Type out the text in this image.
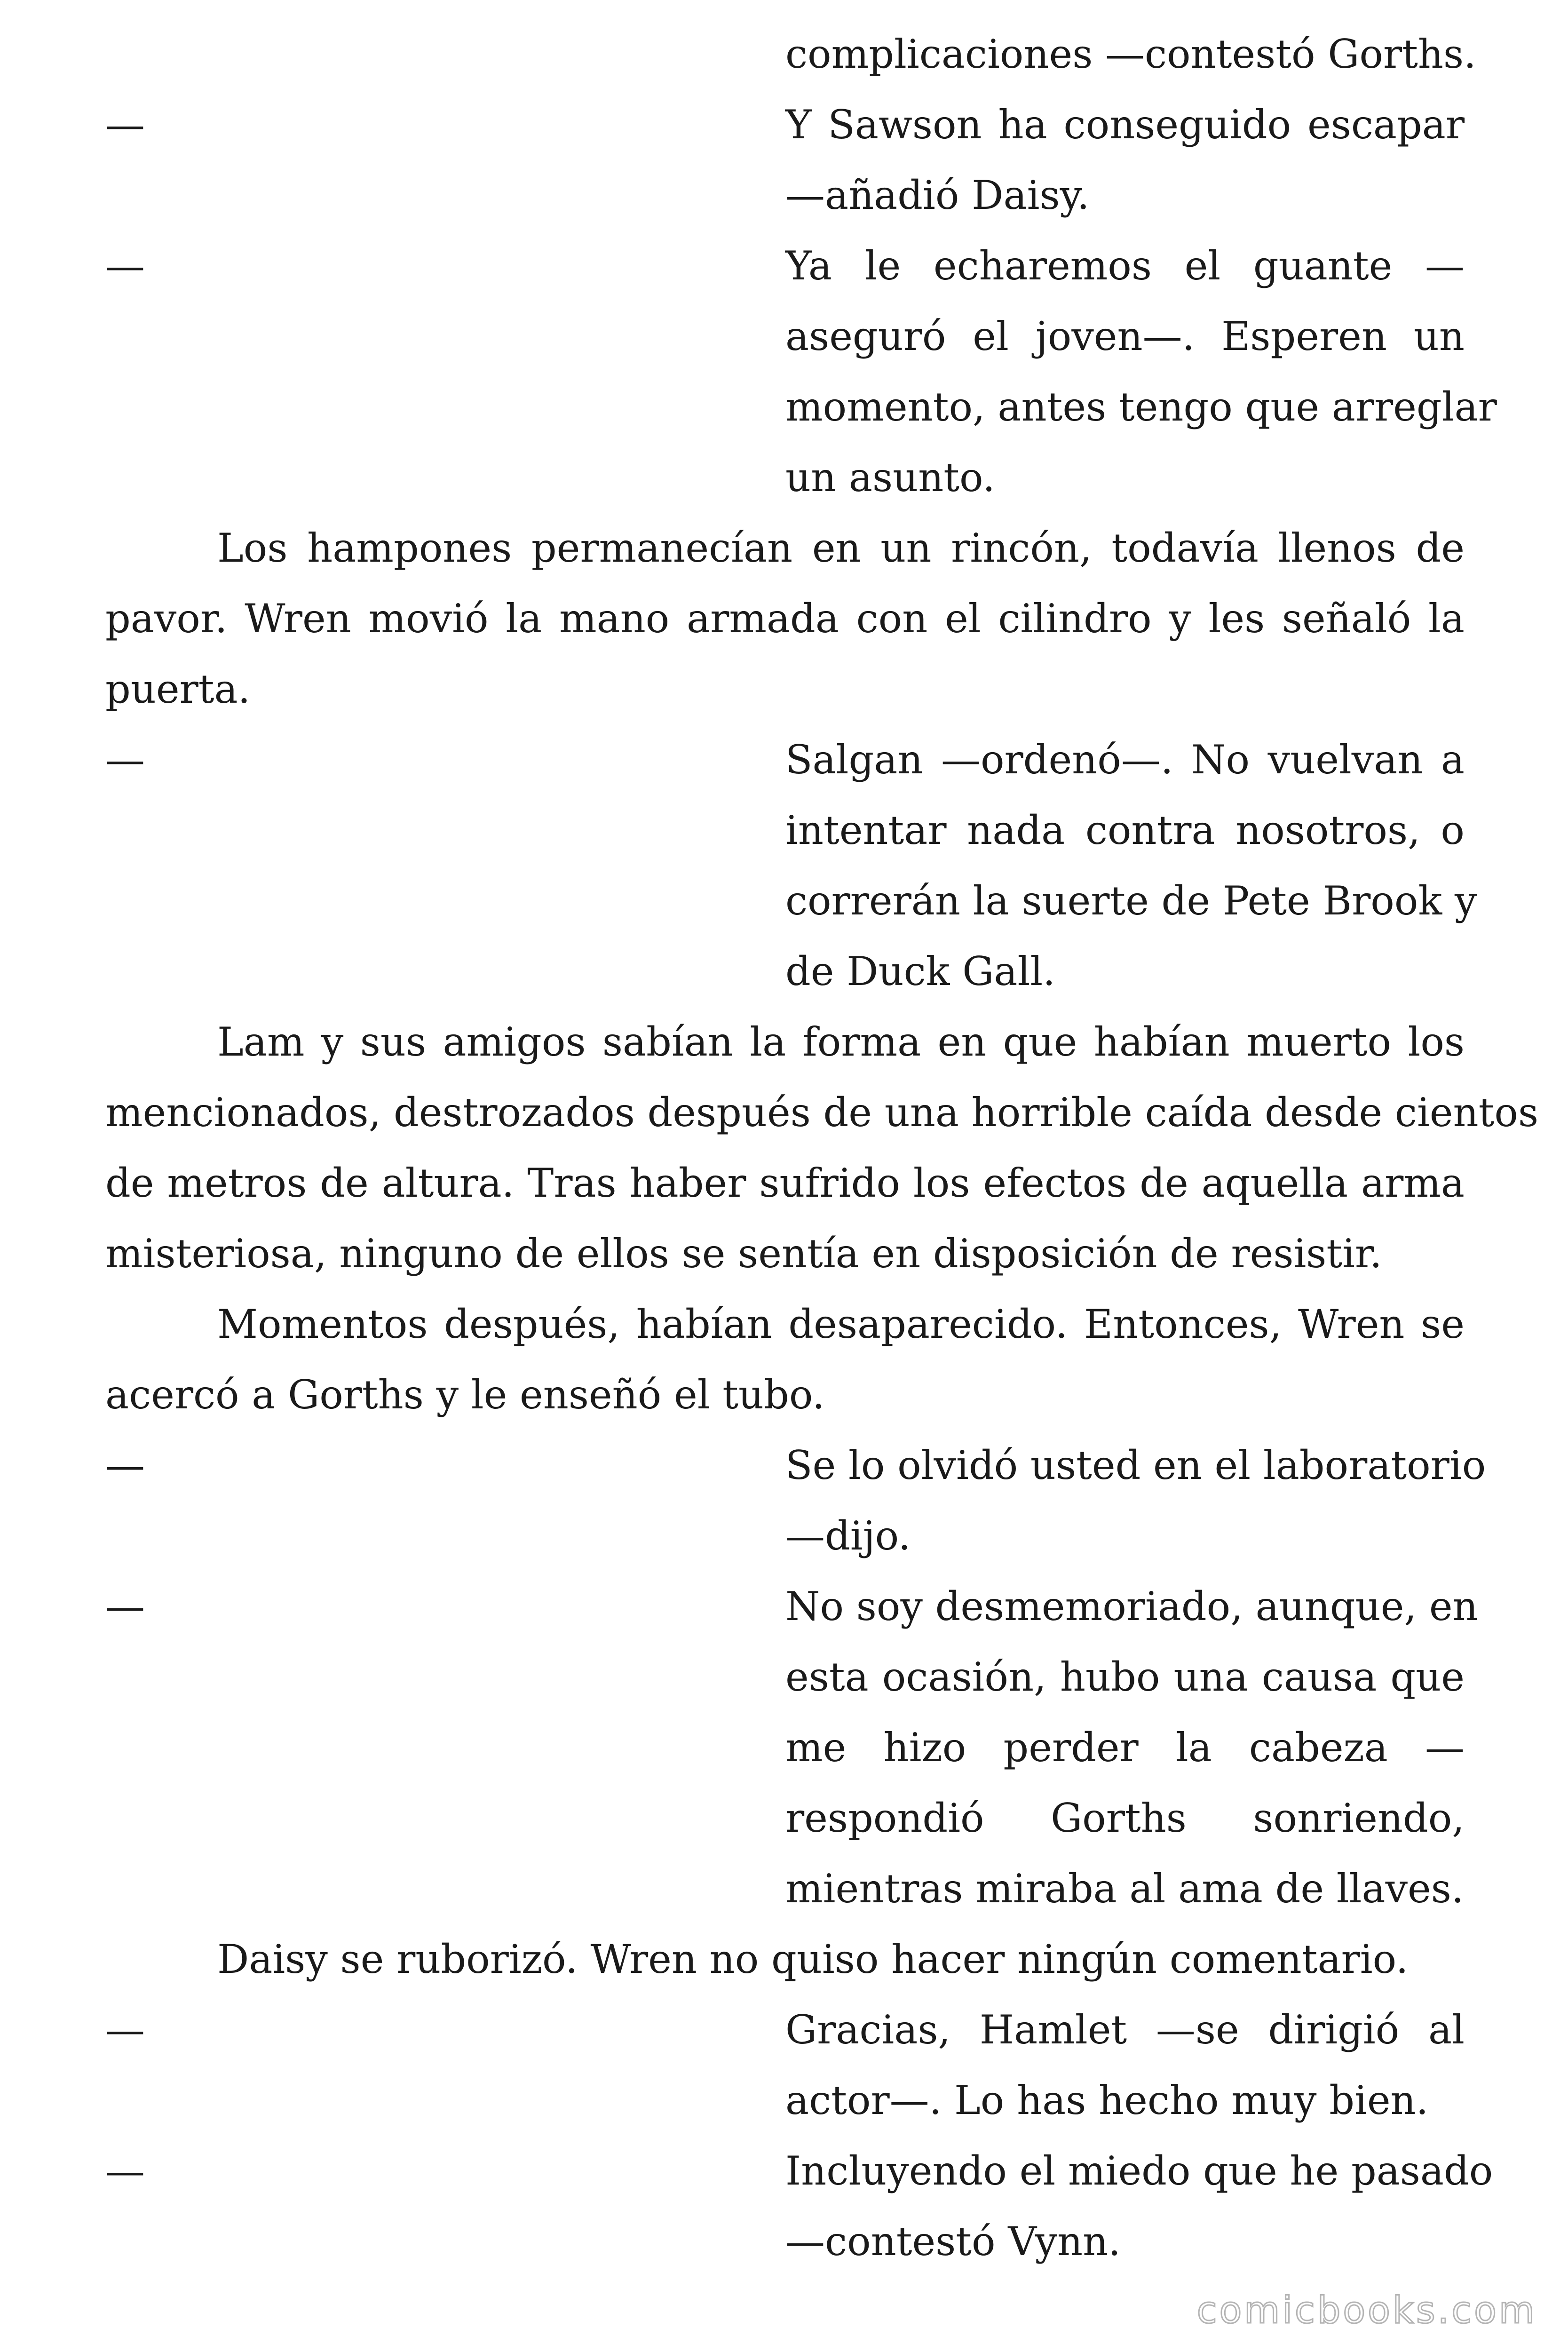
complicaciones —contestó Gorths.
—	Y Sawson ha conseguido escapar
—añadió Daisy.
—	Ya le echaremos el guante —
aseguró el joven—. Esperen un
momento, antes tengo que arreglar
un asunto.
Los hampones permanecían en un rincón, todavía llenos de
pavor. Wren movió la mano armada con el cilindro y les señaló la
puerta.
—	Salgan —ordenó—. No vuelvan a
intentar nada contra nosotros, o
correrán la suerte de Pete Brook y
de Duck Gall.
Lam y sus amigos sabían la forma en que habían muerto los
mencionados, destrozados después de una horrible caída desde cientos
de metros de altura. Tras haber sufrido los efectos de aquella arma
misteriosa, ninguno de ellos se sentía en disposición de resistir.
Momentos después, habían desaparecido. Entonces, Wren se
acercó a Gorths y le enseñó el tubo.
—	Se lo olvidó usted en el laboratorio
—dijo.
—	No soy desmemoriado, aunque, en
esta ocasión, hubo una causa que
me hizo perder la cabeza —
respondió Gorths sonriendo,
mientras miraba al ama de llaves.
Daisy se ruborizó. Wren no quiso hacer ningún comentario.
—	Gracias, Hamlet —se dirigió al
actor—. Lo has hecho muy bien.
—	Incluyendo el miedo que he pasado
—contestó Vynn.
comicbooks.com
